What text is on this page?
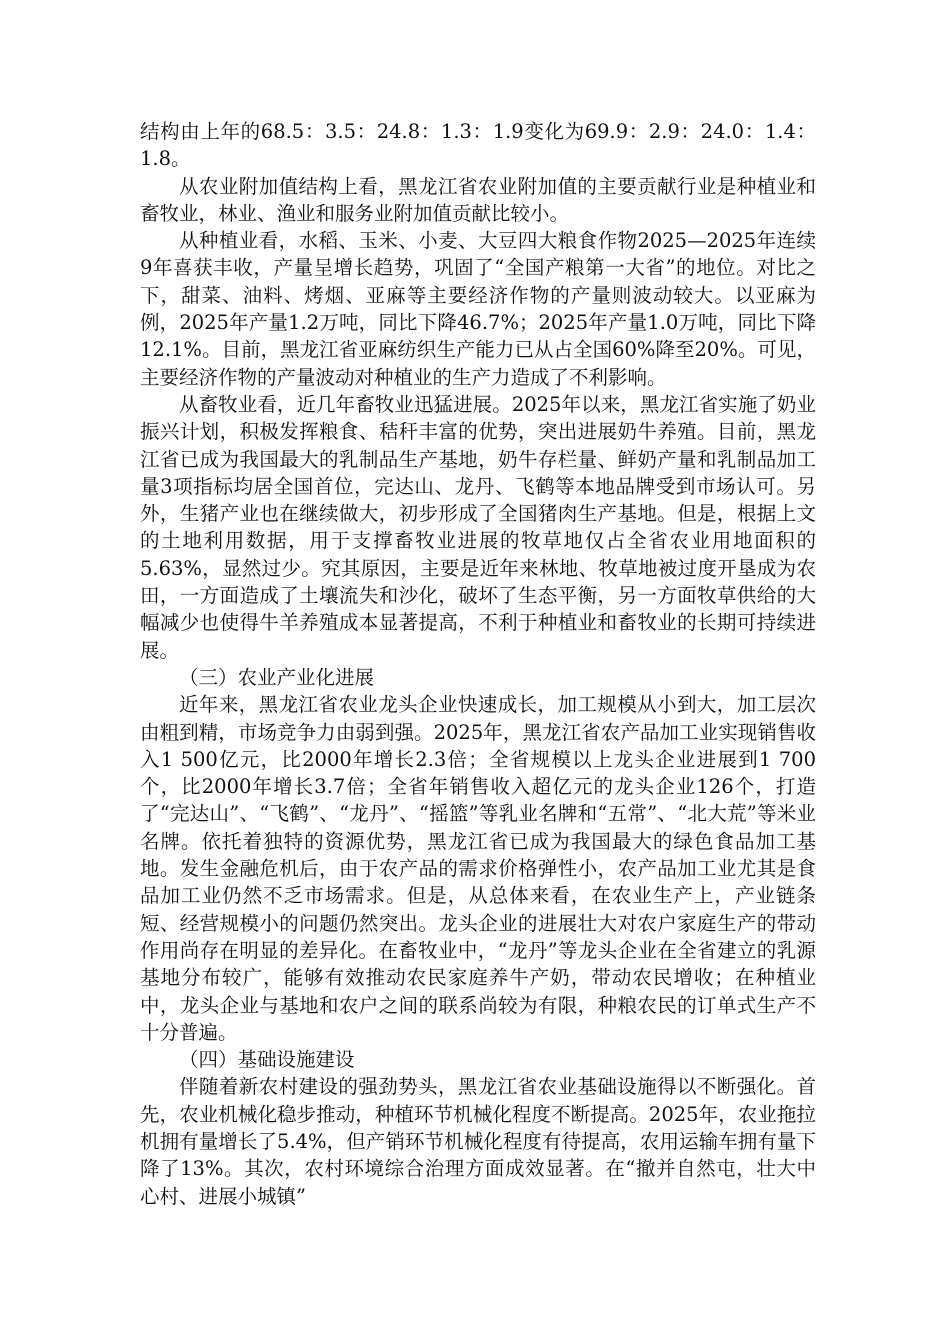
结构由上年的68.5：3.5：24.8：1.3：1.9变化为69.9：2.9：24.0：1.4：1.8。

从农业附加值结构上看，黑龙江省农业附加值的主要贡献行业是种植业和畜牧业，林业、渔业和服务业附加值贡献比较小。

从种植业看，水稻、玉米、小麦、大豆四大粮食作物2025—2025年连续9年喜获丰收，产量呈增长趋势，巩固了“全国产粮第一大省”的地位。对比之下，甜菜、油料、烤烟、亚麻等主要经济作物的产量则波动较大。以亚麻为例，2025年产量1.2万吨，同比下降46.7%；2025年产量1.0万吨，同比下降12.1%。目前，黑龙江省亚麻纺织生产能力已从占全国60%降至20%。可见，主要经济作物的产量波动对种植业的生产力造成了不利影响。

从畜牧业看，近几年畜牧业迅猛进展。2025年以来，黑龙江省实施了奶业振兴计划，积极发挥粮食、秸秆丰富的优势，突出进展奶牛养殖。目前，黑龙江省已成为我国最大的乳制品生产基地，奶牛存栏量、鲜奶产量和乳制品加工量3项指标均居全国首位，完达山、龙丹、飞鹤等本地品牌受到市场认可。另外，生猪产业也在继续做大，初步形成了全国猪肉生产基地。但是，根据上文的土地利用数据，用于支撑畜牧业进展的牧草地仅占全省农业用地面积的5.63%，显然过少。究其原因，主要是近年来林地、牧草地被过度开垦成为农田，一方面造成了土壤流失和沙化，破坏了生态平衡，另一方面牧草供给的大幅减少也使得牛羊养殖成本显著提高，不利于种植业和畜牧业的长期可持续进展。

（三）农业产业化进展

近年来，黑龙江省农业龙头企业快速成长，加工规模从小到大，加工层次由粗到精，市场竞争力由弱到强。2025年，黑龙江省农产品加工业实现销售收入1 500亿元，比2000年增长2.3倍；全省规模以上龙头企业进展到1 700个，比2000年增长3.7倍；全省年销售收入超亿元的龙头企业126个，打造了“完达山”、“飞鹤”、“龙丹”、“摇篮”等乳业名牌和“五常”、“北大荒”等米业名牌。依托着独特的资源优势，黑龙江省已成为我国最大的绿色食品加工基地。发生金融危机后，由于农产品的需求价格弹性小，农产品加工业尤其是食品加工业仍然不乏市场需求。但是，从总体来看，在农业生产上，产业链条短、经营规模小的问题仍然突出。龙头企业的进展壮大对农户家庭生产的带动作用尚存在明显的差异化。在畜牧业中，“龙丹”等龙头企业在全省建立的乳源基地分布较广，能够有效推动农民家庭养牛产奶，带动农民增收；在种植业中，龙头企业与基地和农户之间的联系尚较为有限，种粮农民的订单式生产不十分普遍。

（四）基础设施建设

伴随着新农村建设的强劲势头，黑龙江省农业基础设施得以不断强化。首先，农业机械化稳步推动，种植环节机械化程度不断提高。2025年，农业拖拉机拥有量增长了5.4%，但产销环节机械化程度有待提高，农用运输车拥有量下降了13%。其次，农村环境综合治理方面成效显著。在“撤并自然屯，壮大中心村、进展小城镇”
